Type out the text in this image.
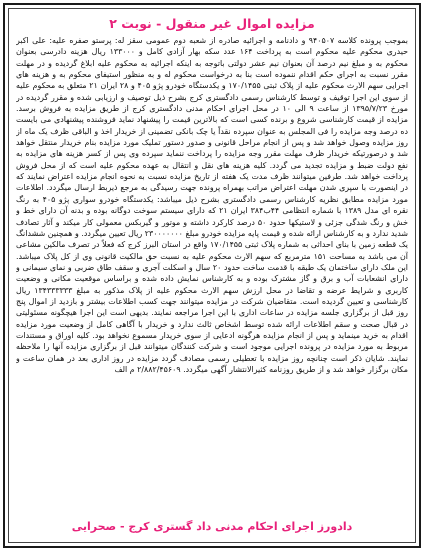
مزایده اموال غیر منقول - نوبت ۲
بموجب پرونده کلاسه ۹۴۰۵۰۷ و دادنامه و اجرائیه صادره از شعبه دوم عمومی سقز له: پرستو صفره علیه: علی اکبر حیدری محکوم علیه محکوم است به پرداخت ۱۶۴ عدد سکه بهار آزادی کامل و ۱۳۳۰۰۰ ریال هزینه دادرسی بعنوان محکوم به و مبلغ نیم درصد آن بعنوان نیم عشر دولتی باتوجه به اینکه اجرائیه به محکوم علیه ابلاغ گردیده و در مهلت مقرر نسبت به اجرای حکم اقدام ننموده است بنا به درخواست محکوم له و به منظور استیفای محکوم به و هزینه های اجرایی سهم الارث محکوم علیه از پلاک ثبتی ۱۷۰/۱۴۵۵ و یکدستگاه خودرو پژو ۴۰۵ و ۲۸ ایران ۲۱ متعلق به محکوم علیه از سوی این اجرا توقیف و توسط کارشناس رسمی دادگستری کرج بشرح ذیل توصیف و ارزیابی شده و مقرر گردیده در مورخ ۱۳۹۵/۷/۲۳ از ساعت ۹ الی ۱۰ در محل اجرای احکام مدنی دادگستری کرج از طریق مزایده به فروش برسد. مزایده از قیمت کارشناسی شروع و برنده کسی است که بالاترین قیمت را پیشنهاد نماید فروشنده پیشنهادی می بایست ده درصد وجه مزایده را فی المجلس به عنوان سپرده نقداً یا چک بانکی تضمینی از خریدار اخذ و الباقی ظرف یک ماه از روز مزایده وصول خواهد شد و پس از انجام مراحل قانونی و صدور دستور تملیک مورد مزایده بنام خریدار منتقل خواهد شد و درصورتیکه خریدار ظرف مهلت مقرر وجه مزایده را پرداخت ننماید سپرده وی پس از کسر هزینه های مزایده به نفع دولت ضبط و مزایده تجدید می گردد. کلیه هزینه های نقل و انتقال به عهده محکوم علیه است که از محل فروش پرداخت خواهد شد. طرفین میتوانند ظرف مدت یک هفته از تاریخ مزایده نسبت به نحوه انجام مزایده اعتراض نمایند که در اینصورت با سپری شدن مهلت اعتراض مراتب بهمراه پرونده جهت رسیدگی به مرجع ذیربط ارسال میگردد. اطلاعات مورد مزایده مطابق نظریه کارشناس رسمی دادگستری بشرح ذیل میباشد: یکدستگاه خودرو سواری پژو ۴۰۵ به رنگ نقره ای مدل ۱۳۸۹ با شماره انتظامی ۴۴ب۳۸۴ ایران ۲۱ که دارای سیستم سوخت دوگانه بوده و بدنه آن دارای خط و خش و رنگ شدگی جزئی و لاستیکها حدود ۵۰ درصد کارکرد داشته و موتور و گیربکس معمولی کار میکند و آثار تصادف شدید ندارد و به کارشناس ارائه شده و قیمت پایه مزایده خودرو مبلغ ۲۳۰۰۰۰۰۰۰ ریال تعیین میگردد. و همچنین ششدانگ یک قطعه زمین با بنای احداثی به شماره پلاک ثبتی ۱۷۰/۱۴۵۵ واقع در استان البرز کرج که فعلاً در تصرف مالکین مشاعی آن می باشد به مساحت ۱۵۱ مترمربع که سهم الارث محکوم علیه به نسبت حق مالکیت قانونی وی از کل پلاک میباشد. این ملک دارای ساختمان یک طبقه با قدمت ساخت حدود ۲۰ سال و اسکلت آجری و سقف طاق ضربی و نمای سیمانی و دارای انشعابات آب و برق و گاز مشترک بوده و به کارشناس نمایش داده شده و براساس موقعیت مکانی و وضعیت کاربری و شرایط عرضه و تقاضا در محل ارزش سهم الارث محکوم علیه از پلاک مذکور به مبلغ ۱۳۴۳۳۳۳۳۳ ریال کارشناسی و تعیین گردیده است. متقاضیان شرکت در مزایده میتوانند جهت کسب اطلاعات بیشتر و بازدید از اموال پنج روز قبل از برگزاری جلسه مزایده در ساعات اداری با این اجرا مراجعه نمایند. بدیهی است این اجرا هیچگونه مسئولیتی در قبال صحت و سقم اطلاعات ارائه شده توسط اشخاص ثالث ندارد و خریدار با آگاهی کامل از وضعیت مورد مزایده اقدام به خرید مینماید و پس از انجام مزایده هرگونه ادعایی از سوی خریدار مسموع نخواهد بود. کلیه اوراق و مستندات مربوط به مورد مزایده در پرونده اجرایی موجود است و شرکت کنندگان میتوانند قبل از برگزاری مزایده آنها را ملاحظه نمایند. شایان ذکر است چنانچه روز مزایده با تعطیلی رسمی مصادف گردد مزایده در روز اداری بعد در همان ساعت و مکان برگزار خواهد شد و از طریق روزنامه کثیرالانتشار آگهی میگردد. ۲/۸۸۲/۴۵۶۰۹ م الف
دادورز اجرای احکام مدنی داد گستری کرج - صحرایی
